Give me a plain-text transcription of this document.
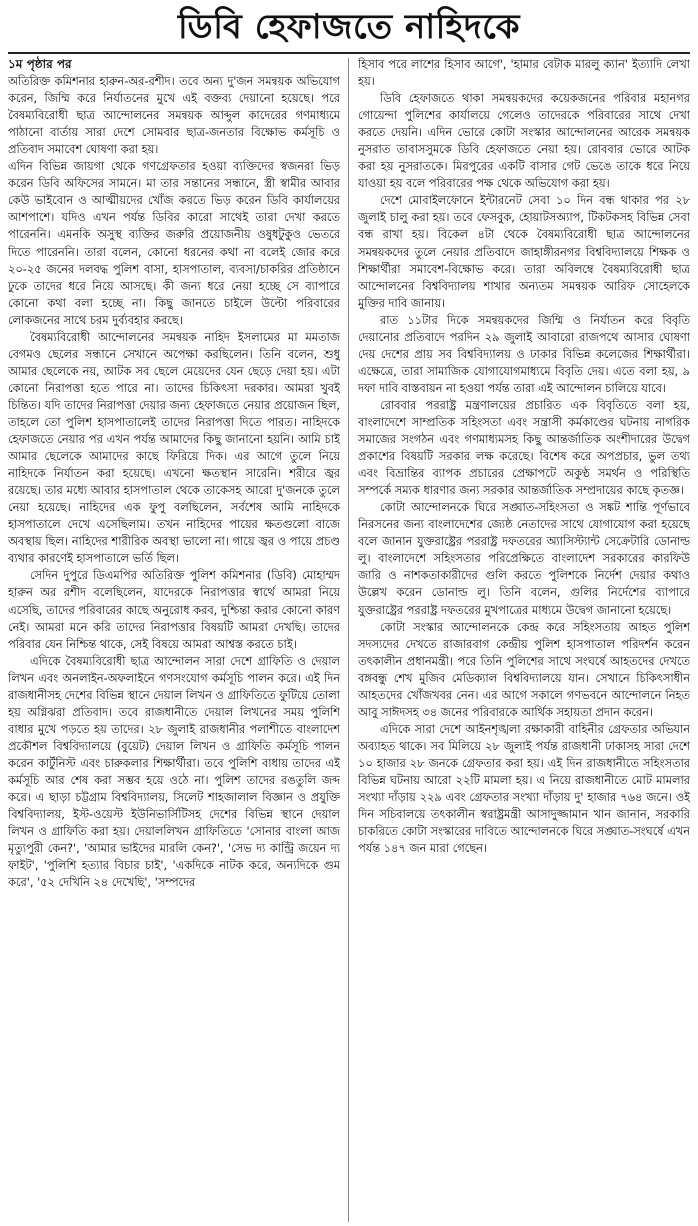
ডিবি হেফাজতে নাহিদকে

১ম পৃষ্ঠার পর

অতিরিক্ত কমিশনার হারুন-অর-রশীদ। তবে অন্য দু'জন সমন্বয়ক অভিযোগ করেন, জিম্মি করে নির্যাতনের মুখে এই বক্তব্য দেয়ানো হয়েছে। পরে বৈষম্যবিরোধী ছাত্র আন্দোলনের সমন্বয়ক আব্দুল কাদেরের গণমাধ্যমে পাঠানো বার্তায় সারা দেশে সোমবার ছাত্র-জনতার বিক্ষোভ কর্মসূচি ও প্রতিবাদ সমাবেশ ঘোষণা করা হয়।

এদিন বিভিন্ন জায়গা থেকে গণগ্রেফতার হওয়া ব্যক্তিদের স্বজনরা ভিড় করেন ডিবি অফিসের সামনে। মা তার সন্তানের সন্ধানে, স্ত্রী স্বামীর আবার কেউ ভাইবোন ও আত্মীয়দের খোঁজ করতে ভিড় করেন ডিবি কার্যালয়ের আশপাশে। যদিও এখন পর্যন্ত ডিবির কারো সাথেই তারা দেখা করতে পারেননি। এমনকি অসুস্থ ব্যক্তির জরুরি প্রয়োজনীয় ওষুধটুকুও ভেতরে দিতে পারেননি। তারা বলেন, কোনো ধরনের কথা না বলেই জোর করে ২০-২৫ জনের দলবদ্ধ পুলিশ বাসা, হাসপাতাল, ব্যবসা/চাকরির প্রতিষ্ঠানে ঢুকে তাদের ধরে নিয়ে আসছে। কী জন্য ধরে নেয়া হচ্ছে সে ব্যাপারে কোনো কথা বলা হচ্ছে না। কিছু জানতে চাইলে উল্টো পরিবারের লোকজনের সাথে চরম দুর্ব্যবহার করছে।

বৈষম্যবিরোধী আন্দোলনের সমন্বয়ক নাহিদ ইসলামের মা মমতাজ বেগমও ছেলের সন্ধানে সেখানে অপেক্ষা করছিলেন। তিনি বলেন, শুধু আমার ছেলেকে নয়, আটক সব ছেলে মেয়েদের যেন ছেড়ে দেয়া হয়। এটা কোনো নিরাপত্তা হতে পারে না। তাদের চিকিৎসা দরকার। আমরা খুবই চিন্তিত। যদি তাদের নিরাপত্তা দেয়ার জন্য হেফাজতে নেয়ার প্রয়োজন ছিল, তাহলে তো পুলিশ হাসপাতালেই তাদের নিরাপত্তা দিতে পারত। নাহিদকে হেফাজতে নেয়ার পর এখন পর্যন্ত আমাদের কিছু জানানো হয়নি। আমি চাই আমার ছেলেকে আমাদের কাছে ফিরিয়ে দিক। এর আগে তুলে নিয়ে নাহিদকে নির্যাতন করা হয়েছে। এখনো ক্ষতস্থান সারেনি। শরীরে জ্বর রয়েছে। তার মধ্যে আবার হাসপাতাল থেকে তাকেসহ আরো দু'জনকে তুলে নেয়া হয়েছে। নাহিদের এক ফুপু বলছিলেন, সর্বশেষ আমি নাহিদকে হাসপাতালে দেখে এসেছিলাম। তখন নাহিদের পায়ের ক্ষতগুলো বাজে অবস্থায় ছিল। নাহিদের শারীরিক অবস্থা ভালো না। গায়ে জ্বর ও পায়ে প্রচণ্ড ব্যথার কারণেই হাসপাতালে ভর্তি ছিল।

সেদিন দুপুরে ডিএমপির অতিরিক্ত পুলিশ কমিশনার (ডিবি) মোহাম্মদ হারুন অর রশীদ বলেছিলেন, যাদেরকে নিরাপত্তার স্বার্থে আমরা নিয়ে এসেছি, তাদের পরিবারের কাছে অনুরোধ করব, দুশ্চিন্তা করার কোনো কারণ নেই। আমরা মনে করি তাদের নিরাপত্তার বিষয়টি আমরা দেখছি। তাদের পরিবার যেন নিশ্চিন্ত থাকে, সেই বিষয়ে আমরা আশ্বস্ত করতে চাই।

এদিকে বৈষম্যবিরোধী ছাত্র আন্দোলন সারা দেশে গ্রাফিতি ও দেয়াল লিখন এবং অনলাইন-অফলাইনে গণসংযোগ কর্মসূচি পালন করে। এই দিন রাজধানীসহ দেশের বিভিন্ন স্থানে দেয়াল লিখন ও গ্রাফিতিতে ফুটিয়ে তোলা হয় অগ্নিঝরা প্রতিবাদ। তবে রাজধানীতে দেয়াল লিখনের সময় পুলিশি বাধার মুখে পড়তে হয় তাদের। ২৮ জুলাই রাজধানীর পলাশীতে বাংলাদেশ প্রকৌশল বিশ্ববিদ্যালয়ে (বুয়েট) দেয়াল লিখন ও গ্রাফিতি কর্মসূচি পালন করেন কার্টুনিস্ট এবং চারুকলার শিক্ষার্থীরা। তবে পুলিশি বাধায় তাদের এই কর্মসূচি আর শেষ করা সম্ভব হয়ে ওঠে না। পুলিশ তাদের রঙতুলি জব্দ করে। এ ছাড়া চট্টগ্রাম বিশ্ববিদ্যালয়, সিলেট শাহজালাল বিজ্ঞান ও প্রযুক্তি বিশ্ববিদ্যালয়, ইস্ট-ওয়েস্ট ইউনিভার্সিটিসহ দেশের বিভিন্ন স্থানে দেয়াল লিখন ও গ্রাফিতি করা হয়। দেয়াললিখন গ্রাফিতিতে 'সোনার বাংলা আজ মৃত্যুপুরী কেন?', 'আমার ভাইদের মারলি কেন?', 'সেভ দ্য কান্ট্রি জয়েন দ্য ফাইট', 'পুলিশি হত্যার বিচার চাই', 'একদিকে নাটক করে, অন্যদিকে গুম করে', '৫২ দেখিনি ২৪ দেখেছি', 'সম্পদের

হিসাব পরে লাশের হিসাব আগে', 'হামার বেটাক মারলু ক্যান' ইত্যাদি লেখা হয়।

ডিবি হেফাজতে থাকা সমন্বয়কদের কয়েকজনের পরিবার মহানগর গোয়েন্দা পুলিশের কার্যালয়ে গেলেও তাদেরকে পরিবারের সাথে দেখা করতে দেয়নি। এদিন ভোরে কোটা সংস্কার আন্দোলনের আরেক সমন্বয়ক নুসরাত তাবাসসুমকে ডিবি হেফাজতে নেয়া হয়। রোববার ভোরে আটক করা হয় নুসরাতকে। মিরপুরের একটি বাসার গেট ভেঙে তাকে ধরে নিয়ে যাওয়া হয় বলে পরিবারের পক্ষ থেকে অভিযোগ করা হয়।

দেশে মোবাইলফোনে ইন্টারনেট সেবা ১০ দিন বন্ধ থাকার পর ২৮ জুলাই চালু করা হয়। তবে ফেসবুক, হোয়াটসঅ্যাপ, টিকটকসহ বিভিন্ন সেবা বন্ধ রাখা হয়। বিকেল ৪টা থেকে বৈষম্যবিরোধী ছাত্র আন্দোলনের সমন্বয়কদের তুলে নেয়ার প্রতিবাদে জাহাঙ্গীরনগর বিশ্ববিদ্যালয়ে শিক্ষক ও শিক্ষার্থীরা সমাবেশ-বিক্ষোভ করে। তারা অবিলম্বে বৈষম্যবিরোধী ছাত্র আন্দোলনের বিশ্ববিদ্যালয় শাখার অন্যতম সমন্বয়ক আরিফ সোহেলকে মুক্তির দাবি জানায়।

রাত ১১টার দিকে সমন্বয়কদের জিম্মি ও নির্যাতন করে বিবৃতি দেয়ানোর প্রতিবাদে পরদিন ২৯ জুলাই আবারো রাজপথে আসার ঘোষণা দেয় দেশের প্রায় সব বিশ্ববিদ্যালয় ও ঢাকার বিভিন্ন কলেজের শিক্ষার্থীরা। এক্ষেত্রে, তারা সামাজিক যোগাযোগমাধ্যমে বিবৃতি দেয়। এতে বলা হয়, ৯ দফা দাবি বাস্তবায়ন না হওয়া পর্যন্ত তারা এই আন্দোলন চালিয়ে যাবে।

রোববার পররাষ্ট্র মন্ত্রণালয়ের প্রচারিত এক বিবৃতিতে বলা হয়, বাংলাদেশে সাম্প্রতিক সহিংসতা এবং সন্ত্রাসী কর্মকাণ্ডের ঘটনায় নাগরিক সমাজের সংগঠন এবং গণমাধ্যমসহ কিছু আন্তর্জাতিক অংশীদারের উদ্বেগ প্রকাশের বিষয়টি সরকার লক্ষ করেছে। বিশেষ করে অপপ্রচার, ভুল তথ্য এবং বিভ্রান্তির ব্যাপক প্রচারের প্রেক্ষাপটে অকুণ্ঠ সমর্থন ও পরিস্থিতি সম্পর্কে সম্যক ধারণার জন্য সরকার আন্তর্জাতিক সম্প্রদায়ের কাছে কৃতজ্ঞ।

কোটা আন্দোলনকে ঘিরে সঙ্ঘাত-সহিংসতা ও সঙ্কট শান্তি পূর্ণভাবে নিরসনের জন্য বাংলাদেশের জ্যেষ্ঠ নেতাদের সাথে যোগাযোগ করা হয়েছে বলে জানান যুক্তরাষ্ট্রের পররাষ্ট্র দফতরের অ্যাসিস্ট্যান্ট সেক্রেটারি ডোনাল্ড লু। বাংলাদেশে সহিংসতার পরিপ্রেক্ষিতে বাংলাদেশ সরকারের কারফিউ জারি ও নাশকতাকারীদের গুলি করতে পুলিশকে নির্দেশ দেয়ার কথাও উল্লেখ করেন ডোনাল্ড লু। তিনি বলেন, গুলির নির্দেশের ব্যাপারে যুক্তরাষ্ট্রের পররাষ্ট্র দফতরের মুখপাত্রের মাধ্যমে উদ্বেগ জানানো হয়েছে।

কোটা সংস্কার আন্দোলনকে কেন্দ্র করে সহিংসতায় আহত পুলিশ সদস্যদের দেখতে রাজারবাগ কেন্দ্রীয় পুলিশ হাসপাতাল পরিদর্শন করেন তৎকালীন প্রধানমন্ত্রী। পরে তিনি পুলিশের সাথে সংঘর্ষে আহতদের দেখতে বঙ্গবন্ধু শেখ মুজিব মেডিক্যাল বিশ্ববিদ্যালয়ে যান। সেখানে চিকিৎসাধীন আহতদের খোঁজখবর নেন। এর আগে সকালে গণভবনে আন্দোলনে নিহত আবু সাঈদসহ ৩৪ জনের পরিবারকে আর্থিক সহায়তা প্রদান করেন।

এদিকে সারা দেশে আইনশৃঙ্খলা রক্ষাকারী বাহিনীর গ্রেফতার অভিযান অব্যাহত থাকে। সব মিলিয়ে ২৮ জুলাই পর্যন্ত রাজধানী ঢাকাসহ সারা দেশে ১০ হাজার ২৮ জনকে গ্রেফতার করা হয়। এই দিন রাজধানীতে সহিংসতার বিভিন্ন ঘটনায় আরো ২২টি মামলা হয়। এ নিয়ে রাজধানীতে মোট মামলার সংখ্যা দাঁড়ায় ২২৯ এবং গ্রেফতার সংখ্যা দাঁড়ায় দু' হাজার ৭৬৪ জনে। ওই দিন সচিবালয়ে তৎকালীন স্বরাষ্ট্রমন্ত্রী আসাদুজ্জামান খান জানান, সরকারি চাকরিতে কোটা সংস্কারের দাবিতে আন্দোলনকে ঘিরে সঙ্ঘাত-সংঘর্ষে এখন পর্যন্ত ১৪৭ জন মারা গেছেন।
